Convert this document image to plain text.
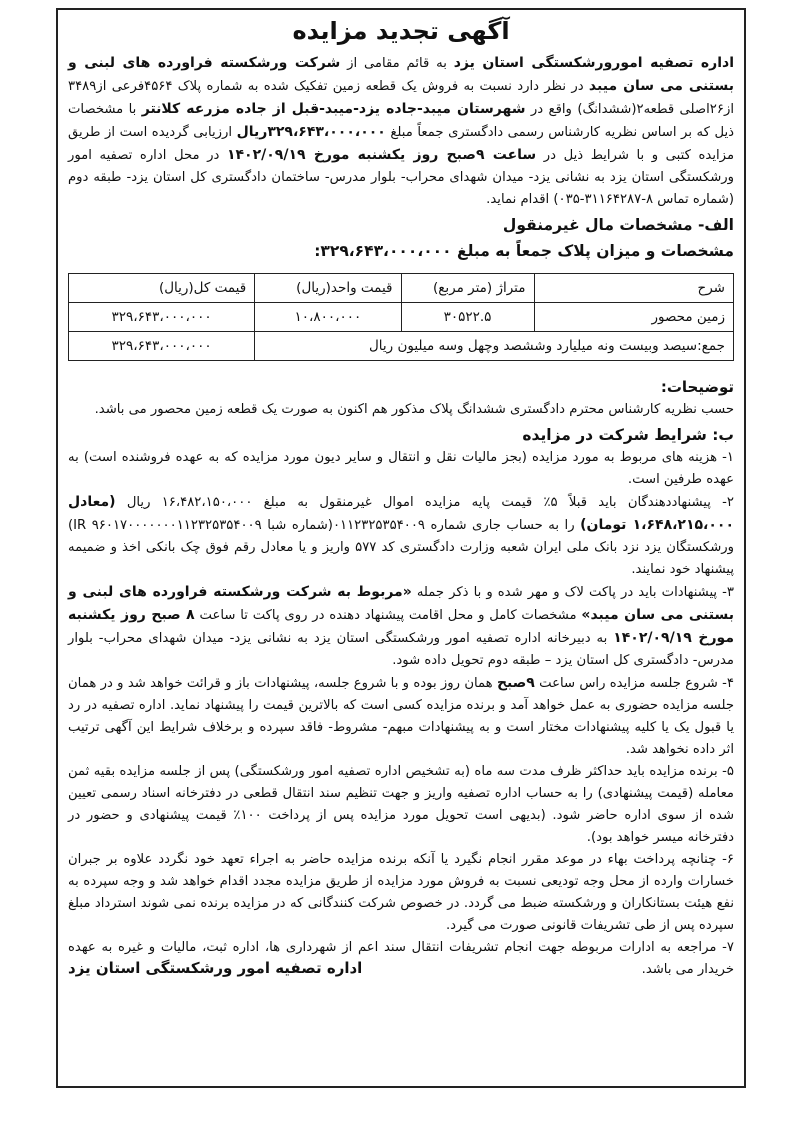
آگهی تجدید مزایده

اداره تصفیه امورورشکستگی استان یزد به قائم مقامی از شرکت ورشکسته فراورده های لبنی و بستنی می سان میبد در نظر دارد نسبت به فروش یک قطعه زمین تفکیک شده به شماره پلاک ۴۵۶۴فرعی از۳۴۸۹ از۲۶اصلی قطعه۲(ششدانگ) واقع در شهرستان میبد-جاده یزد-میبد-قبل از جاده مزرعه کلانتر با مشخصات ذیل که بر اساس نظریه کارشناس رسمی دادگستری جمعاً مبلغ ۳۲۹،۶۴۳،۰۰۰،۰۰۰ریال ارزیابی گردیده است از طریق مزایده کتبی و با شرایط ذیل در ساعت ۹صبح روز یکشنبه مورخ ۱۴۰۲/۰۹/۱۹ در محل اداره تصفیه امور ورشکستگی استان یزد به نشانی یزد- میدان شهدای محراب- بلوار مدرس- ساختمان دادگستری کل استان یزد- طبقه دوم (شماره تماس ۸-۳۱۱۶۴۲۸۷-۰۳۵) اقدام نماید.

الف- مشخصات مال غیرمنقول
مشخصات و میزان پلاک جمعاً به مبلغ ۳۲۹،۶۴۳،۰۰۰،۰۰۰:
شرح	متراژ (متر مربع)	قیمت واحد(ریال)	قیمت کل(ریال)
زمین محصور	۳۰۵۲۲.۵	۱۰،۸۰۰،۰۰۰	۳۲۹،۶۴۳،۰۰۰،۰۰۰
جمع:سیصد وبیست ونه میلیارد وششصد وچهل وسه میلیون ریال			۳۲۹،۶۴۳،۰۰۰،۰۰۰
توضیحات:

حسب نظریه کارشناس محترم دادگستری ششدانگ پلاک مذکور هم اکنون به صورت یک قطعه زمین محصور می باشد.

ب: شرایط شرکت در مزایده

۱- هزینه های مربوط به مورد مزایده (بجز مالیات نقل و انتقال و سایر دیون مورد مزایده که به عهده فروشنده است) به عهده طرفین است.

۲- پیشنهاددهندگان باید قبلاً ۵٪ قیمت پایه مزایده اموال غیرمنقول به مبلغ ۱۶،۴۸۲،۱۵۰،۰۰۰ ریال (معادل ۱،۶۴۸،۲۱۵،۰۰۰ تومان) را به حساب جاری شماره ۰۱۱۲۳۲۵۳۵۴۰۰۹(شماره شبا IR ۹۶۰۱۷۰۰۰۰۰۰۰۱۱۲۳۲۵۳۵۴۰۰۹) ورشکستگان یزد نزد بانک ملی ایران شعبه وزارت دادگستری کد ۵۷۷ واریز و یا معادل رقم فوق چک بانکی اخذ و ضمیمه پیشنهاد خود نمایند.

۳- پیشنهادات باید در پاکت لاک و مهر شده و با ذکر جمله «مربوط به شرکت ورشکسته فراورده های لبنی و بستنی می سان میبد» مشخصات کامل و محل اقامت پیشنهاد دهنده در روی پاکت تا ساعت ۸ صبح روز یکشنبه مورخ ۱۴۰۲/۰۹/۱۹ به دبیرخانه اداره تصفیه امور ورشکستگی استان یزد به نشانی یزد- میدان شهدای محراب- بلوار مدرس- دادگستری کل استان یزد – طبقه دوم تحویل داده شود.

۴- شروع جلسه مزایده راس ساعت ۹صبح همان روز بوده و با شروع جلسه، پیشنهادات باز و قرائت خواهد شد و در همان جلسه مزایده حضوری به عمل خواهد آمد و برنده مزایده کسی است که بالاترین قیمت را پیشنهاد نماید. اداره تصفیه در رد یا قبول یک یا کلیه پیشنهادات مختار است و به پیشنهادات مبهم- مشروط- فاقد سپرده و برخلاف شرایط این آگهی ترتیب اثر داده نخواهد شد.

۵- برنده مزایده باید حداکثر ظرف مدت سه ماه (به تشخیص اداره تصفیه امور ورشکستگی) پس از جلسه مزایده بقیه ثمن معامله (قیمت پیشنهادی) را به حساب اداره تصفیه واریز و جهت تنظیم سند انتقال قطعی در دفترخانه اسناد رسمی تعیین شده از سوی اداره حاضر شود. (بدیهی است تحویل مورد مزایده پس از پرداخت ۱۰۰٪ قیمت پیشنهادی و حضور در دفترخانه میسر خواهد بود).

۶- چنانچه پرداخت بهاء در موعد مقرر انجام نگیرد یا آنکه برنده مزایده حاضر به اجراء تعهد خود نگردد علاوه بر جبران خسارات وارده از محل وجه تودیعی نسبت به فروش مورد مزایده از طریق مزایده مجدد اقدام خواهد شد و وجه سپرده به نفع هیئت بستانکاران و ورشکسته ضبط می گردد. در خصوص شرکت کنندگانی که در مزایده برنده نمی شوند استرداد مبلغ سپرده پس از طی تشریفات قانونی صورت می گیرد.

۷- مراجعه به ادارات مربوطه جهت انجام تشریفات انتقال سند اعم از شهرداری ها، اداره ثبت، مالیات و غیره به عهده خریدار می باشد.

اداره تصفیه امور ورشکستگی استان یزد
